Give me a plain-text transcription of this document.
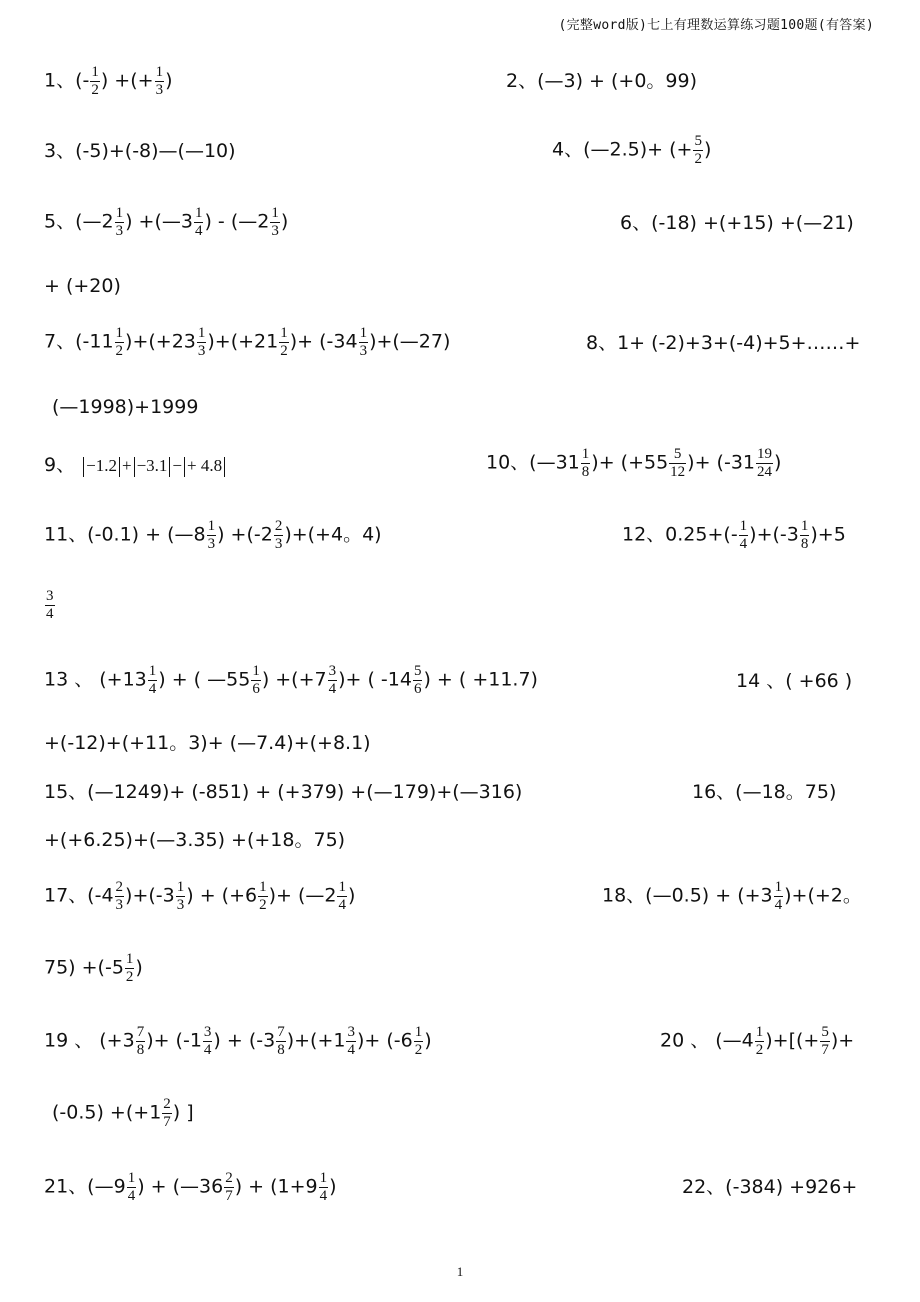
(完整word版)七上有理数运算练习题100题(有答案)
1、(- $\frac{1}{2}$ ) +(+ $\frac{1}{3}$ )	2、(—3) + (+0。99)
3、(-5)+(-8)—(—10)	4、(—2.5)+ (+ $\frac{5}{2}$ )
5、(—2 $\frac{1}{3}$ ) +(—3 $\frac{1}{4}$ ) - (—2 $\frac{1}{3}$ )	6、(-18) +(+15) +(—21)
+ (+20)
7、$(-11 \frac{1}{2} )+(+23 \frac{1}{3} )+(+21 \frac{1}{2}$ )+ ($-34 \frac{1}{3}$ )+(—27)	8、1+ (-2)+3+(-4)+5+……+
(—1998)+1999
9、 −1.2 + −3.1 − + 4.8	10、(—31 $\frac{1}{8}$ )+ ($+55 \frac{5}{12}$ )+ ($-31 \frac{19}{24}$ )
11、(-0.1) + (—8 $\frac{1}{3}$ ) $+(-2 \frac{2}{3} )+(+4$。4)	12、$0.25+(- \frac{1}{4} )+(-3 \frac{1}{8} )+5$
$\frac{3}{4}$
13 、 ($+13 \frac{1}{4}$ ) + ( —55 $\frac{1}{6}$ ) $+(+7 \frac{3}{4}$ )+ ( $-14 \frac{5}{6}$ ) + ( +11.7)	14 、( +66 )
+(-12)+(+11。3)+ (—7.4)+(+8.1)
15、(—1249)+ (-851) + (+379) +(—179)+(—316)	16、(—18。75)
+(+6.25)+(—3.35) +(+18。75)
17、$(-4 \frac{2}{3} )+(-3 \frac{1}{3}$ ) + ($+6 \frac{1}{2}$ )+ (—2 $\frac{1}{4}$ )	18、(—0.5) + $(+3 \frac{1}{4} )+(+2$。
$75) +(-5 \frac{1}{2}$ )
19 、 ($+3 \frac{7}{8}$ )+ ($-1 \frac{3}{4}$ ) + $(-3 \frac{7}{8} )+(+1 \frac{3}{4}$ )+ ($-6 \frac{1}{2}$ )	20 、 (—4 $\frac{1}{2}$ )+[(+ $\frac{5}{7}$ )+
$(-0.5) +(+1 \frac{2}{7}$ ) ]
21、(—9 $\frac{1}{4}$ ) + (—36 $\frac{2}{7}$ ) + ($1+9 \frac{1}{4}$ )	22、(-384) +926+
1
